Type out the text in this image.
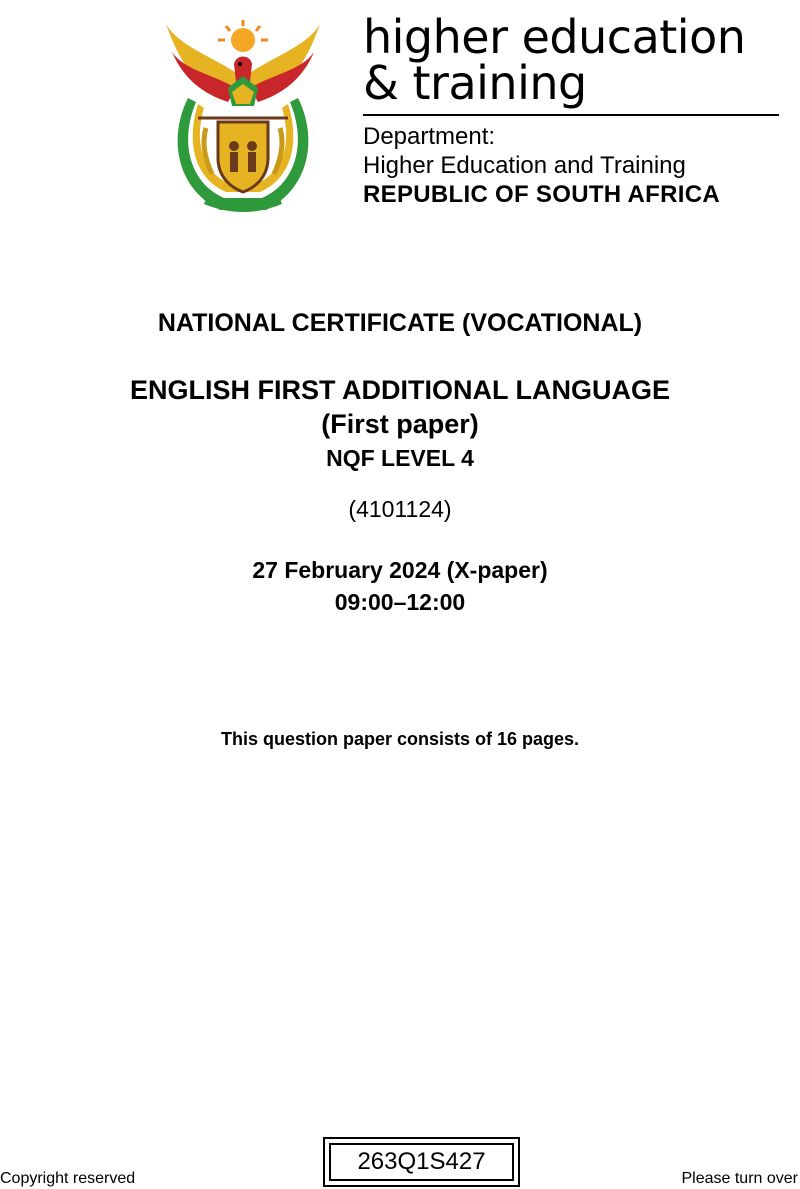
higher education
& training
Department:
Higher Education and Training
REPUBLIC OF SOUTH AFRICA
NATIONAL CERTIFICATE (VOCATIONAL)
ENGLISH FIRST ADDITIONAL LANGUAGE
(First paper)
NQF LEVEL 4
(4101124)
27 February 2024 (X-paper)
09:00–12:00
This question paper consists of 16 pages.
Copyright reserved
263Q1S427
Please turn over
